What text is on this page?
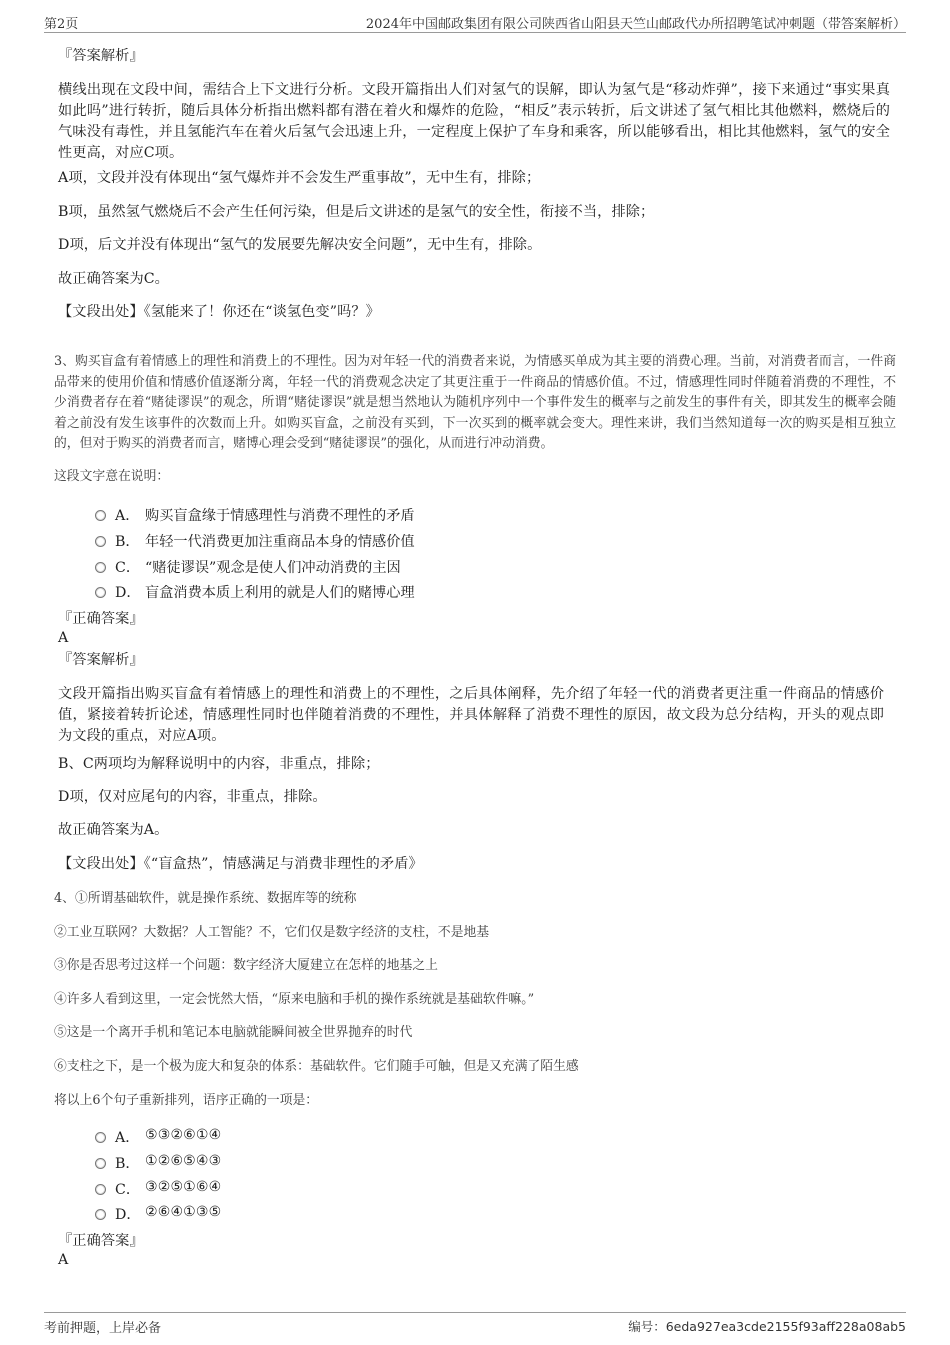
第2页	2024年中国邮政集团有限公司陕西省山阳县天竺山邮政代办所招聘笔试冲刺题（带答案解析）
『答案解析』
横线出现在文段中间，需结合上下文进行分析。文段开篇指出人们对氢气的误解，即认为氢气是“移动炸弹”，接下来通过“事实果真如此吗”进行转折，随后具体分析指出燃料都有潜在着火和爆炸的危险，“相反”表示转折，后文讲述了氢气相比其他燃料，燃烧后的气味没有毒性，并且氢能汽车在着火后氢气会迅速上升，一定程度上保护了车身和乘客，所以能够看出，相比其他燃料，氢气的安全性更高，对应C项。
A项，文段并没有体现出“氢气爆炸并不会发生严重事故”，无中生有，排除；
B项，虽然氢气燃烧后不会产生任何污染，但是后文讲述的是氢气的安全性，衔接不当，排除；
D项，后文并没有体现出“氢气的发展要先解决安全问题”，无中生有，排除。
故正确答案为C。
【文段出处】《氢能来了！你还在“谈氢色变”吗？》
3、购买盲盒有着情感上的理性和消费上的不理性。因为对年轻一代的消费者来说，为情感买单成为其主要的消费心理。当前，对消费者而言，一件商品带来的使用价值和情感价值逐渐分离，年轻一代的消费观念决定了其更注重于一件商品的情感价值。不过，情感理性同时伴随着消费的不理性，不少消费者存在着“赌徒谬误”的观念，所谓“赌徒谬误”就是想当然地认为随机序列中一个事件发生的概率与之前发生的事件有关，即其发生的概率会随着之前没有发生该事件的次数而上升。如购买盲盒，之前没有买到，下一次买到的概率就会变大。理性来讲，我们当然知道每一次的购买是相互独立的，但对于购买的消费者而言，赌博心理会受到“赌徒谬误”的强化，从而进行冲动消费。
这段文字意在说明：
A． 购买盲盒缘于情感理性与消费不理性的矛盾
B． 年轻一代消费更加注重商品本身的情感价值
C． “赌徒谬误”观念是使人们冲动消费的主因
D． 盲盒消费本质上利用的就是人们的赌博心理
『正确答案』
A
『答案解析』
文段开篇指出购买盲盒有着情感上的理性和消费上的不理性，之后具体阐释，先介绍了年轻一代的消费者更注重一件商品的情感价值，紧接着转折论述，情感理性同时也伴随着消费的不理性，并具体解释了消费不理性的原因，故文段为总分结构，开头的观点即为文段的重点，对应A项。
B、C两项均为解释说明中的内容，非重点，排除；
D项，仅对应尾句的内容，非重点，排除。
故正确答案为A。
【文段出处】《“盲盒热”，情感满足与消费非理性的矛盾》
4、①所谓基础软件，就是操作系统、数据库等的统称
②工业互联网？大数据？人工智能？不，它们仅是数字经济的支柱，不是地基
③你是否思考过这样一个问题：数字经济大厦建立在怎样的地基之上
④许多人看到这里，一定会恍然大悟，“原来电脑和手机的操作系统就是基础软件嘛。”
⑤这是一个离开手机和笔记本电脑就能瞬间被全世界抛弃的时代
⑥支柱之下，是一个极为庞大和复杂的体系：基础软件。它们随手可触，但是又充满了陌生感
将以上6个句子重新排列，语序正确的一项是：
A． ⑤③②⑥①④
B． ①②⑥⑤④③
C． ③②⑤①⑥④
D． ②⑥④①③⑤
『正确答案』
A
考前押题，上岸必备	编号：6eda927ea3cde2155f93aff228a08ab5
